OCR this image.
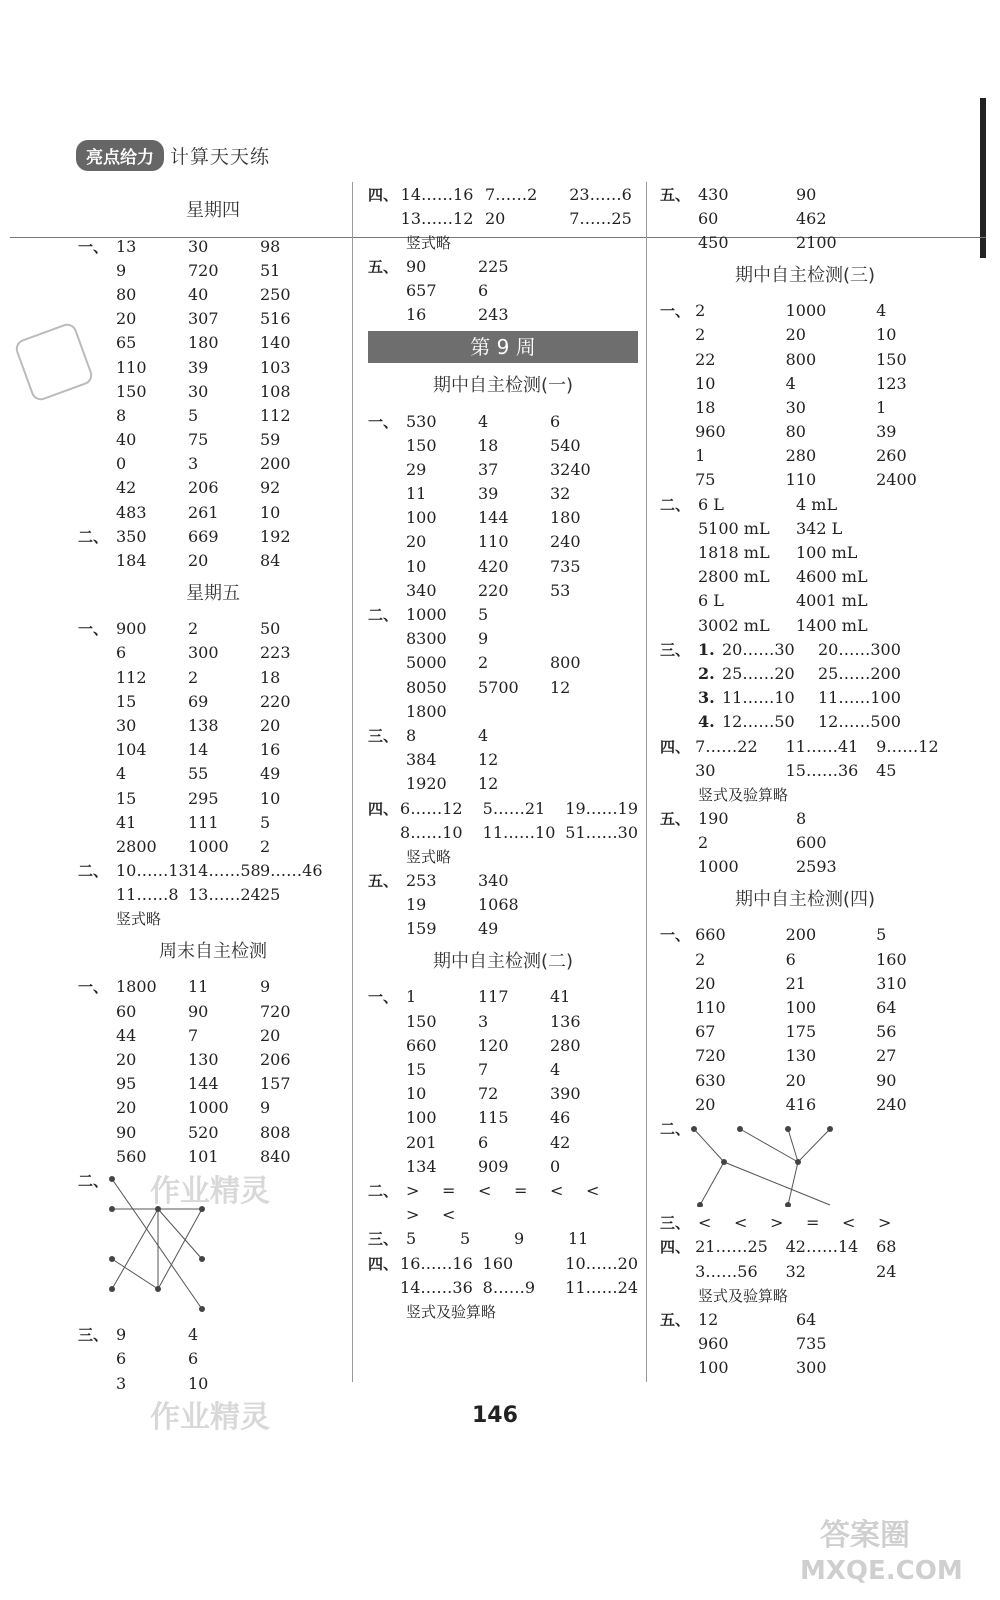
亮点给力 计算天天练
星期四
一、 13	30	98
9	720	51
80	40	250
20	307	516
65	180	140
110	39	103
150	30	108
8	5	112
40	75	59
0	3	200
42	206	92
483	261	10
二、 350	669	192
184	20	84
星期五
一、 900	2	50
6	300	223
112	2	18
15	69	220
30	138	20
104	14	16
4	55	49
15	295	10
41	111	5
2800	1000	2
二、 10……13 14……58 9……46
11……8 13……24 25
竖式略
周末自主检测
一、 1800	11	9
60	90	720
44	7	20
20	130	206
95	144	157
20	1000	9
90	520	808
560	101	840
二、
三、 9	4
6	6
3	10
四、 14……16 7……2	23……6
13……12 20	7……25
竖式略
五、 90	225
657	6
16	243
第 9 周
期中自主检测(一)
一、 530	4	6
150	18	540
29	37	3240
11	39	32
100	144	180
20	110	240
10	420	735
340	220	53
二、 1000	5
8300	9
5000	2	800
8050	5700	12
1800
三、 8	4
384	12
1920	12
四、 6……12	5……21	19……19
8……10	11……10 51……30
竖式略
五、 253	340
19	1068
159	49
期中自主检测(二)
一、 1	117	41
150	3	136
660	120	280
15	7	4
10	72	390
100	115	46
201	6	42
134	909	0
二、 >	=	<	=	<	<
>	<
三、 5	5	9	11
四、 16……16 160	10……20
14……36 8……9	11……24
竖式及验算略
五、 430	90
60	462
450	2100
期中自主检测(三)
一、 2	1000	4
2	20	10
22	800	150
10	4	123
18	30	1
960	80	39
1	280	260
75	110	2400
二、 6 L	4 mL
5100 mL	342 L
1818 mL	100 mL
2800 mL	4600 mL
6 L	4001 mL
3002 mL	1400 mL
三、 1. 20……30	20……300
2. 25……20	25……200
3. 11……10	11……100
4. 12……50	12……500
四、 7……22	11……41	9……12
30	15……36	45
竖式及验算略
五、 190	8
2	600
1000	2593
期中自主检测(四)
一、 660	200	5
2	6	160
20	21	310
110	100	64
67	175	56
720	130	27
630	20	90
20	416	240
二、
三、 <	<	>	=	<	>
四、 21……25	42……14	68
3……56	32	24
竖式及验算略
五、 12	64
960	735
100	300
146
作业精灵
作业精灵
答案圈
MXQE.COM
